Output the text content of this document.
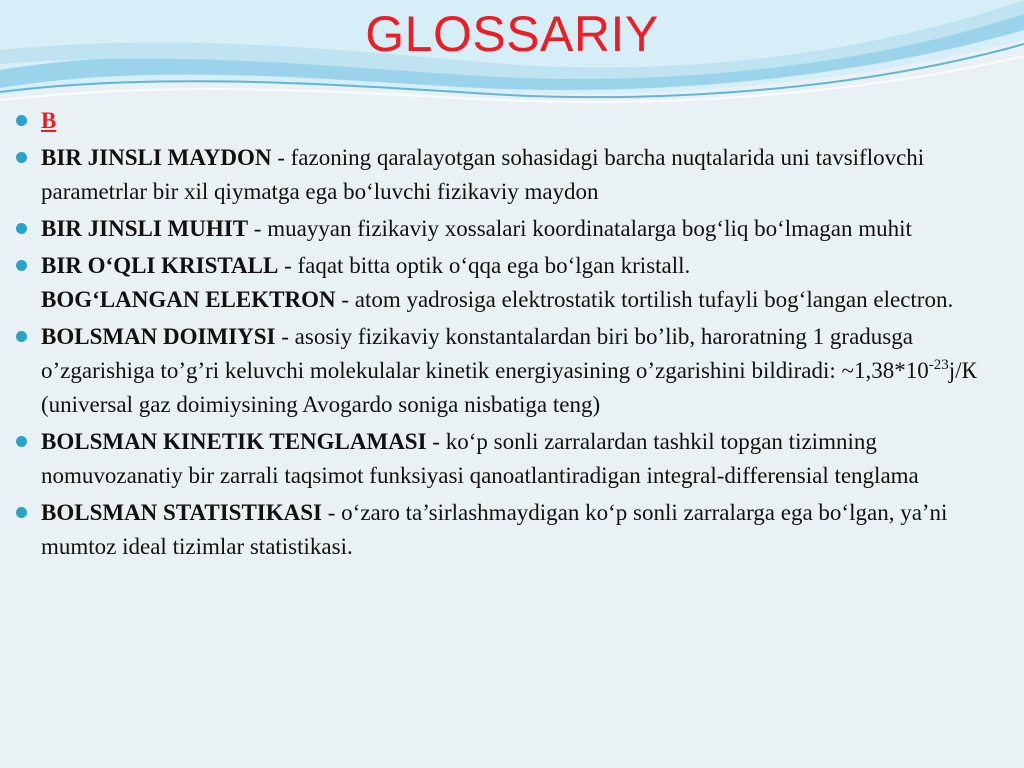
GLOSSARIY
B
BIR JINSLI MAYDON - fazoning qaralayotgan sohasidagi barcha nuqtalarida uni tavsiflovchi parametrlar bir xil qiymatga ega bo‘luvchi fizikaviy maydon
BIR JINSLI MUHIT - muayyan fizikaviy xossalari koordinatalarga bog‘liq bo‘lmagan muhit
BIR O‘QLI KRISTALL - faqat bitta optik o‘qqa ega bo‘lgan kristall.
BOG‘LANGAN ELEKTRON - atom yadrosiga elektrostatik tortilish tufayli bog‘langan electron.
BOLSMAN DOIMIYSI - asosiy fizikaviy konstantalardan biri bo’lib, haroratning 1 gradusga o’zgarishiga to’g’ri keluvchi molekulalar kinetik energiyasining o’zgarishini bildiradi: $\sim 1,38*10^{-23}j/К$ (universal gaz doimiysining Avogardo soniga nisbatiga teng)
BOLSMAN KINETIK TENGLAMASI - ko‘p sonli zarralardan tashkil topgan tizimning nomuvozanatiy bir zarrali taqsimot funksiyasi qanoatlantiradigan integral-differensial tenglama
BOLSMAN STATISTIKASI - o‘zaro ta’sirlashmaydigan ko‘p sonli zarralarga ega bo‘lgan, ya’ni mumtoz ideal tizimlar statistikasi.
